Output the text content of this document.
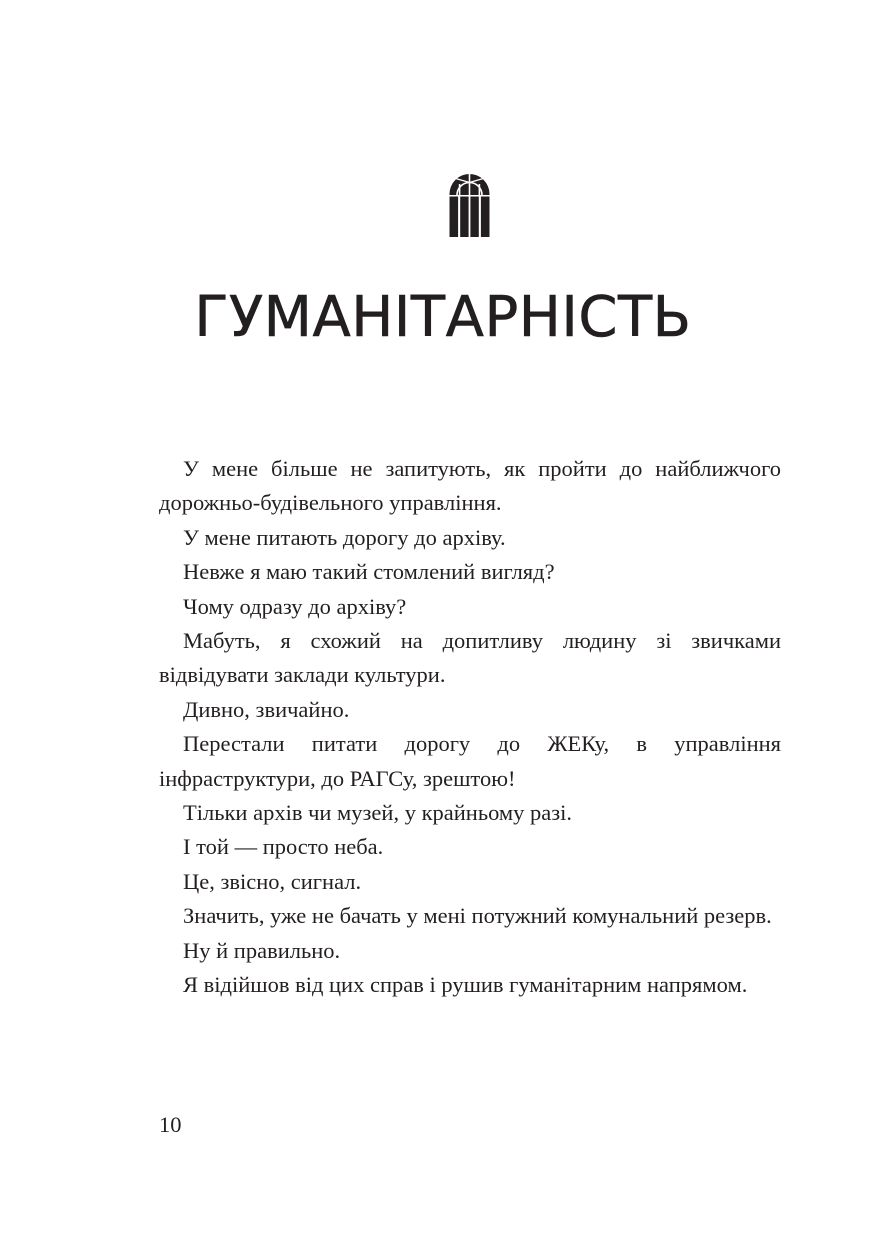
ГУМАНІТАРНІСТЬ

У мене більше не запитують, як пройти до найближчого дорожньо-будівельного управління.

У мене питають дорогу до архіву.

Невже я маю такий стомлений вигляд?

Чому одразу до архіву?

Мабуть, я схожий на допитливу людину зі звичками відвідувати заклади культури.

Дивно, звичайно.

Перестали питати дорогу до ЖЕКу, в управління інфраструктури, до РАГСу, зрештою!

Тільки архів чи музей, у крайньому разі.

І той — просто неба.

Це, звісно, сигнал.

Значить, уже не бачать у мені потужний комунальний резерв.

Ну й правильно.

Я відійшов від цих справ і рушив гуманітарним напрямом.

10
